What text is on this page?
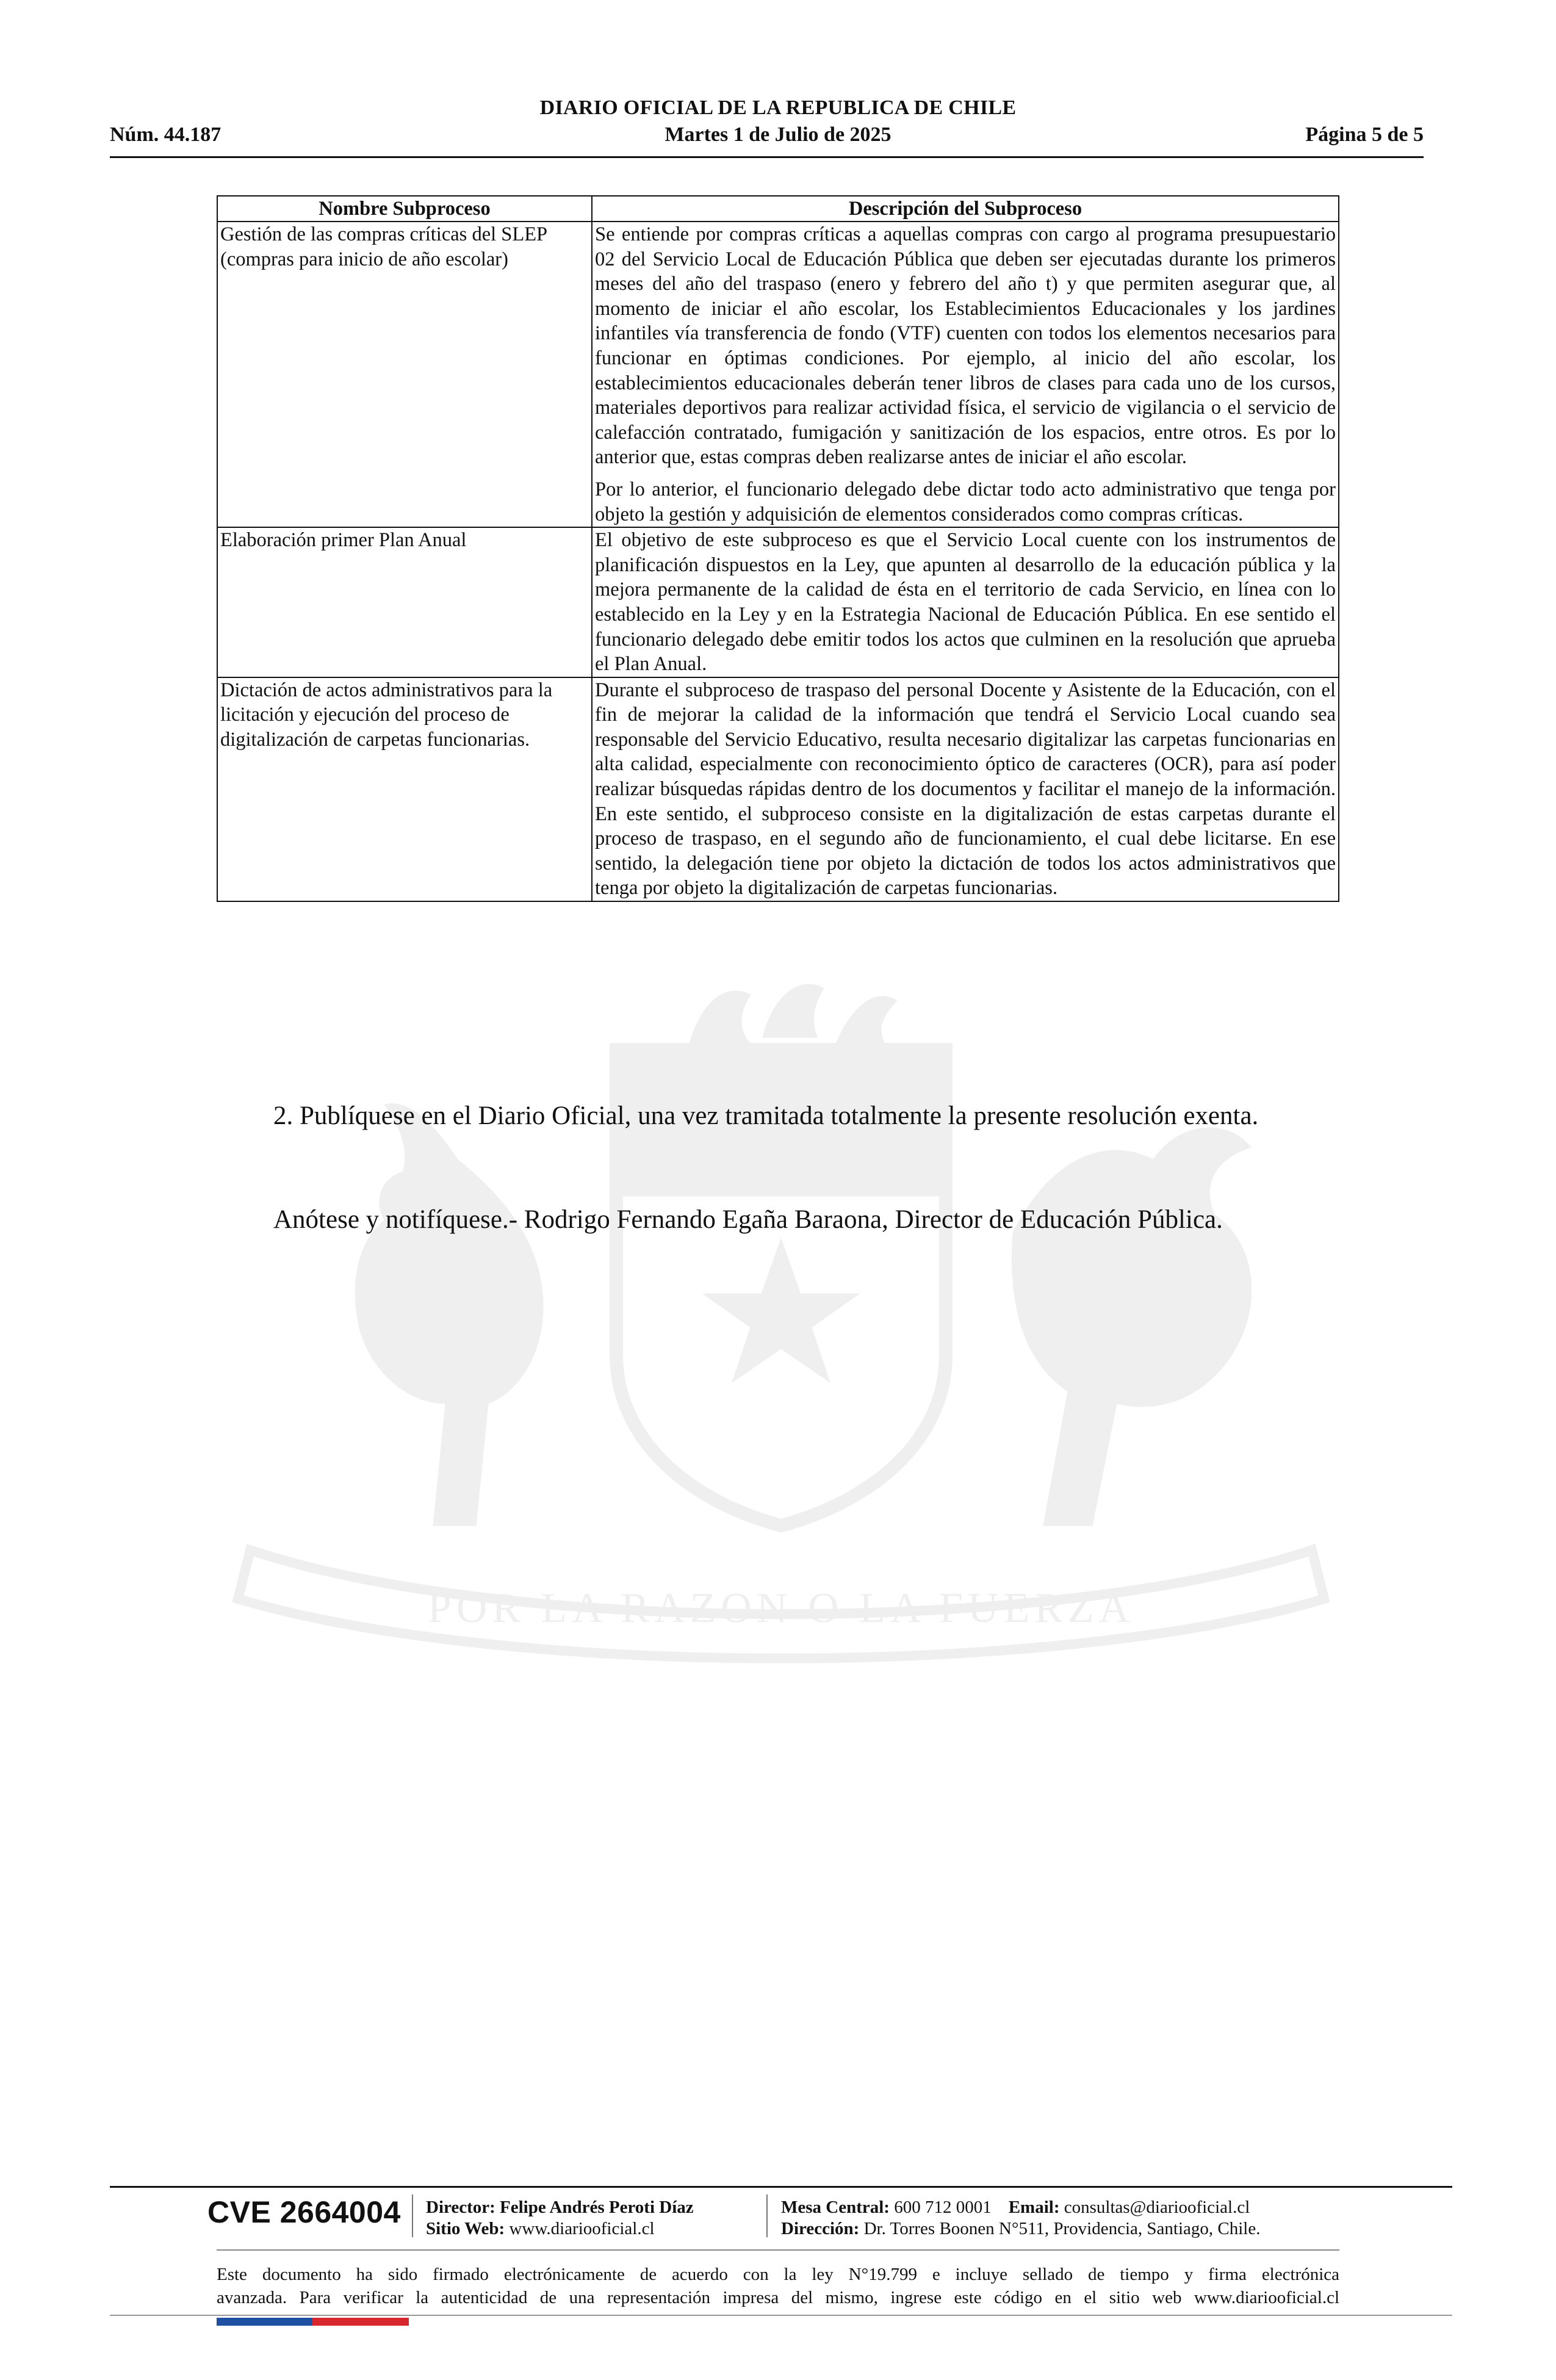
DIARIO OFICIAL DE LA REPUBLICA DE CHILE
Núm. 44.187	Martes 1 de Julio de 2025	Página 5 de 5
POR LA RAZON O LA FUERZA
Nombre Subproceso	Descripción del Subproceso
Gestión de las compras críticas del SLEP (compras para inicio de año escolar)	Se entiende por compras críticas a aquellas compras con cargo al programa presupuestario 02 del Servicio Local de Educación Pública que deben ser ejecutadas durante los primeros meses del año del traspaso (enero y febrero del año t) y que permiten asegurar que, al momento de iniciar el año escolar, los Establecimientos Educacionales y los jardines infantiles vía transferencia de fondo (VTF) cuenten con todos los elementos necesarios para funcionar en óptimas condiciones. Por ejemplo, al inicio del año escolar, los establecimientos educacionales deberán tener libros de clases para cada uno de los cursos, materiales deportivos para realizar actividad física, el servicio de vigilancia o el servicio de calefacción contratado, fumigación y sanitización de los espacios, entre otros. Es por lo anterior que, estas compras deben realizarse antes de iniciar el año escolar.

Por lo anterior, el funcionario delegado debe dictar todo acto administrativo que tenga por objeto la gestión y adquisición de elementos considerados como compras críticas.

Elaboración primer Plan Anual	El objetivo de este subproceso es que el Servicio Local cuente con los instrumentos de planificación dispuestos en la Ley, que apunten al desarrollo de la educación pública y la mejora permanente de la calidad de ésta en el territorio de cada Servicio, en línea con lo establecido en la Ley y en la Estrategia Nacional de Educación Pública. En ese sentido el funcionario delegado debe emitir todos los actos que culminen en la resolución que aprueba el Plan Anual.

Dictación de actos administrativos para la licitación y ejecución del proceso de digitalización de carpetas funcionarias.	Durante el subproceso de traspaso del personal Docente y Asistente de la Educación, con el fin de mejorar la calidad de la información que tendrá el Servicio Local cuando sea responsable del Servicio Educativo, resulta necesario digitalizar las carpetas funcionarias en alta calidad, especialmente con reconocimiento óptico de caracteres (OCR), para así poder realizar búsquedas rápidas dentro de los documentos y facilitar el manejo de la información. En este sentido, el subproceso consiste en la digitalización de estas carpetas durante el proceso de traspaso, en el segundo año de funcionamiento, el cual debe licitarse. En ese sentido, la delegación tiene por objeto la dictación de todos los actos administrativos que tenga por objeto la digitalización de carpetas funcionarias.

2. Publíquese en el Diario Oficial, una vez tramitada totalmente la presente resolución exenta.
Anótese y notifíquese.- Rodrigo Fernando Egaña Baraona, Director de Educación Pública.
CVE 2664004 Director: Felipe Andrés Peroti Díaz
Sitio Web: www.diariooficial.cl
Mesa Central: 600 712 0001 Email: consultas@diariooficial.cl
Dirección: Dr. Torres Boonen N°511, Providencia, Santiago, Chile.
Este documento ha sido firmado electrónicamente de acuerdo con la ley N°19.799 e incluye sellado de tiempo y firma electrónica
avanzada. Para verificar la autenticidad de una representación impresa del mismo, ingrese este código en el sitio web www.diariooficial.cl
